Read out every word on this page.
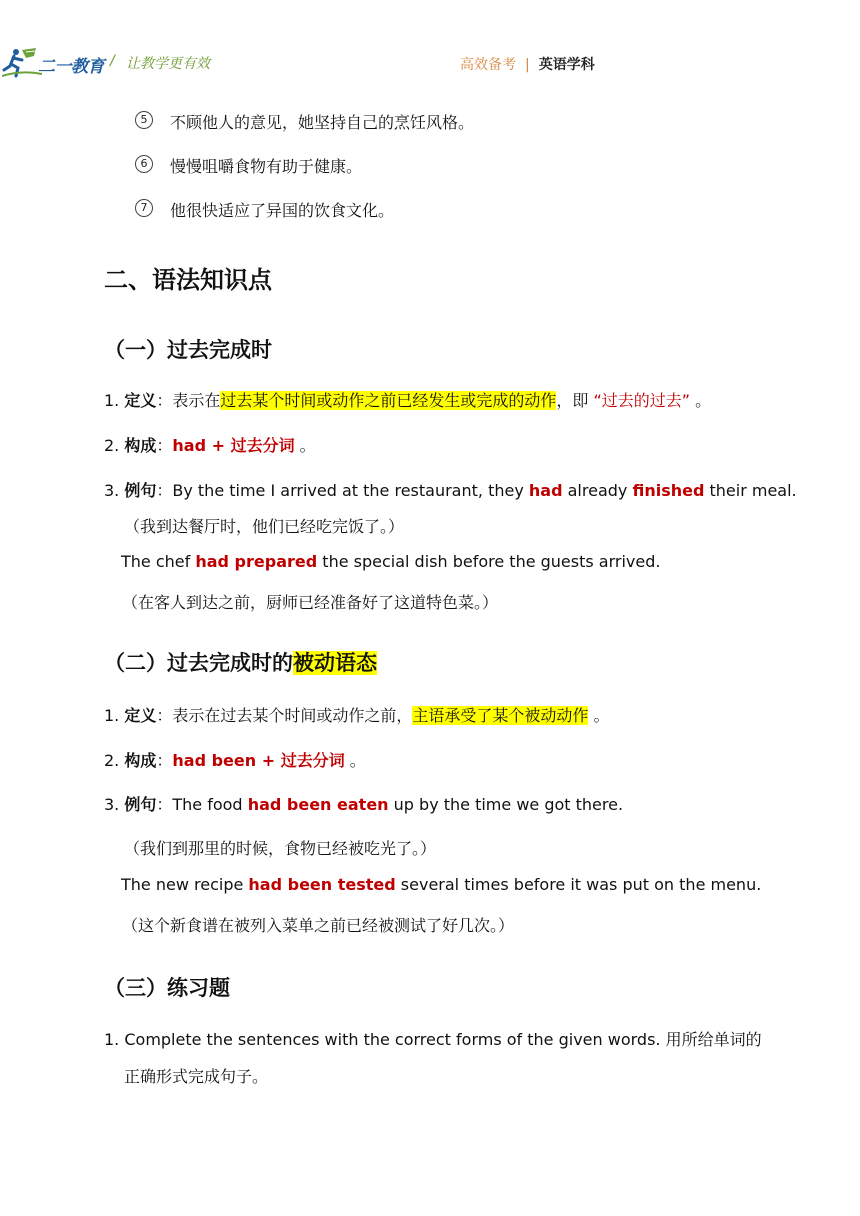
二一教育 / 让教学更有效	高效备考 | 英语学科
5	不顾他人的意见，她坚持自己的烹饪风格。
6	慢慢咀嚼食物有助于健康。
7	他很快适应了异国的饮食文化。
二、语法知识点
（一）过去完成时
1. 定义：表示在过去某个时间或动作之前已经发生或完成的动作，即 “过去的过去” 。
2. 构成：had + 过去分词 。
3. 例句：By the time I arrived at the restaurant, they had already finished their meal.
（我到达餐厅时，他们已经吃完饭了。）
The chef had prepared the special dish before the guests arrived.
（在客人到达之前，厨师已经准备好了这道特色菜。）
（二）过去完成时的被动语态
1. 定义：表示在过去某个时间或动作之前，主语承受了某个被动动作 。
2. 构成：had been + 过去分词 。
3. 例句：The food had been eaten up by the time we got there.
（我们到那里的时候，食物已经被吃光了。）
The new recipe had been tested several times before it was put on the menu.
（这个新食谱在被列入菜单之前已经被测试了好几次。）
（三）练习题
1. Complete the sentences with the correct forms of the given words. 用所给单词的
正确形式完成句子。
